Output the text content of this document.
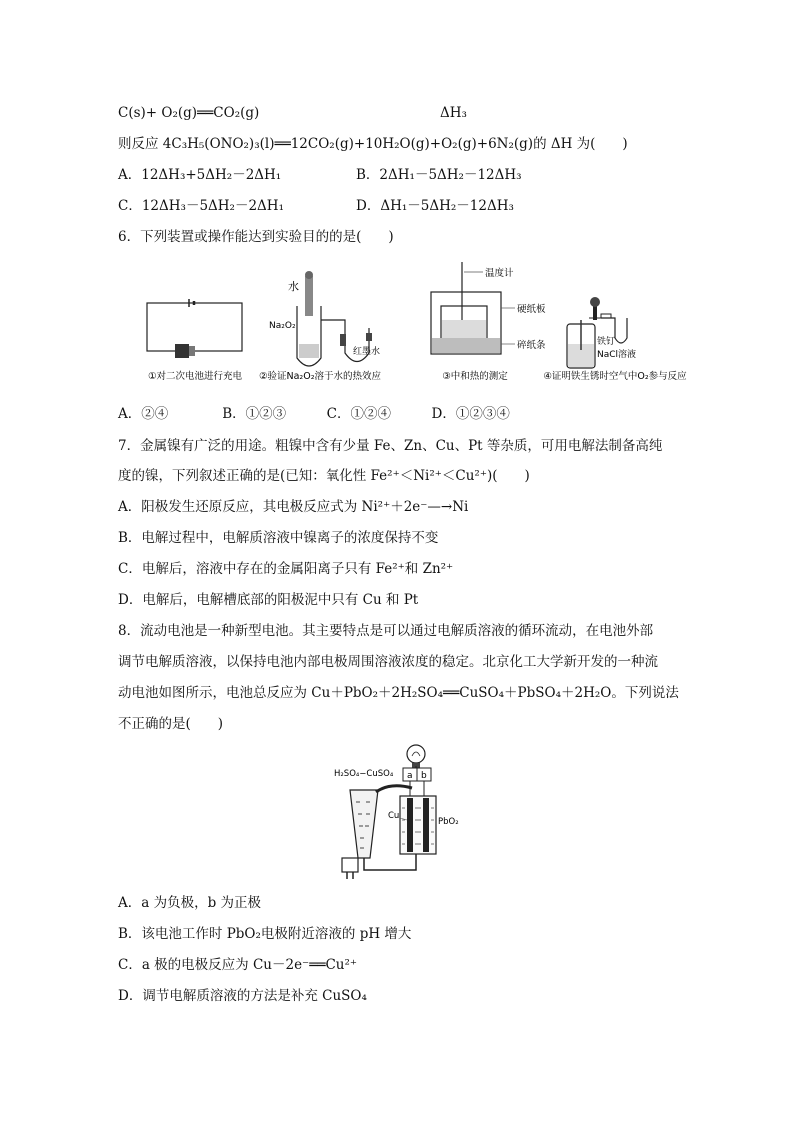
C(s)+ O₂(g)══CO₂(g)	ΔH₃
则反应 4C₃H₅(ONO₂)₃(l)══12CO₂(g)+10H₂O(g)+O₂(g)+6N₂(g)的 ΔH 为(　　)
A．12ΔH₃+5ΔH₂－2ΔH₁	B．2ΔH₁－5ΔH₂－12ΔH₃
C．12ΔH₃－5ΔH₂－2ΔH₁	D．ΔH₁－5ΔH₂－12ΔH₃
6．下列装置或操作能达到实验目的的是(　　)
①对二次电池进行充电
水
Na₂O₂
红墨水
②验证Na₂O₂溶于水的热效应
温度计
硬纸板
碎纸条
③中和热的测定
铁钉
NaCl溶液
④证明铁生锈时空气中O₂参与反应
A．②④　　　　B．①②③　　　C．①②④　　　D．①②③④
7．金属镍有广泛的用途。粗镍中含有少量 Fe、Zn、Cu、Pt 等杂质，可用电解法制备高纯
度的镍，下列叙述正确的是(已知：氧化性 Fe²⁺＜Ni²⁺＜Cu²⁺)(　　)
A．阳极发生还原反应，其电极反应式为 Ni²⁺＋2e⁻—→Ni
B．电解过程中，电解质溶液中镍离子的浓度保持不变
C．电解后，溶液中存在的金属阳离子只有 Fe²⁺和 Zn²⁺
D．电解后，电解槽底部的阳极泥中只有 Cu 和 Pt
8．流动电池是一种新型电池。其主要特点是可以通过电解质溶液的循环流动，在电池外部
调节电解质溶液，以保持电池内部电极周围溶液浓度的稳定。北京化工大学新开发的一种流
动电池如图所示，电池总反应为 Cu＋PbO₂＋2H₂SO₄══CuSO₄＋PbSO₄＋2H₂O。下列说法
不正确的是(　　)
a b
H₂SO₄−CuSO₄
Cu
PbO₂
A．a 为负极，b 为正极
B．该电池工作时 PbO₂电极附近溶液的 pH 增大
C．a 极的电极反应为 Cu－2e⁻══Cu²⁺
D．调节电解质溶液的方法是补充 CuSO₄
